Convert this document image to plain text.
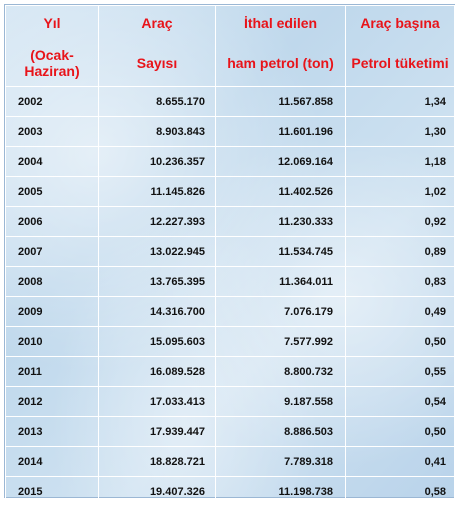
Yıl	Araç	İthal edilen	Araç başına
(Ocak-Haziran)	Sayısı	ham petrol (ton)	Petrol tüketimi
2002	8.655.170	11.567.858	1,34
2003	8.903.843	11.601.196	1,30
2004	10.236.357	12.069.164	1,18
2005	11.145.826	11.402.526	1,02
2006	12.227.393	11.230.333	0,92
2007	13.022.945	11.534.745	0,89
2008	13.765.395	11.364.011	0,83
2009	14.316.700	7.076.179	0,49
2010	15.095.603	7.577.992	0,50
2011	16.089.528	8.800.732	0,55
2012	17.033.413	9.187.558	0,54
2013	17.939.447	8.886.503	0,50
2014	18.828.721	7.789.318	0,41
2015	19.407.326	11.198.738	0,58
